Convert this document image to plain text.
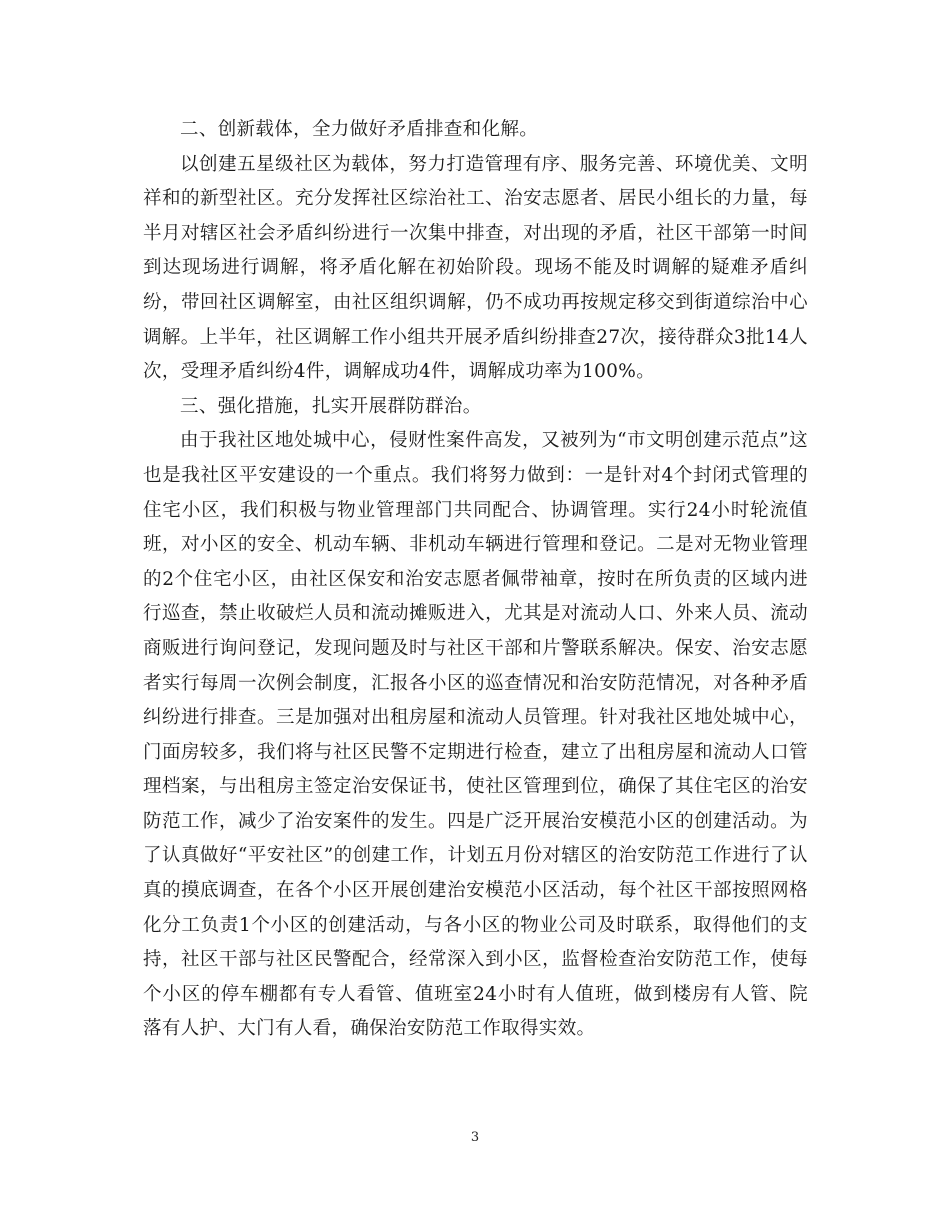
二、创新载体，全力做好矛盾排查和化解。

以创建五星级社区为载体，努力打造管理有序、服务完善、环境优美、文明祥和的新型社区。充分发挥社区综治社工、治安志愿者、居民小组长的力量，每半月对辖区社会矛盾纠纷进行一次集中排查，对出现的矛盾，社区干部第一时间到达现场进行调解，将矛盾化解在初始阶段。现场不能及时调解的疑难矛盾纠纷，带回社区调解室，由社区组织调解，仍不成功再按规定移交到街道综治中心调解。上半年，社区调解工作小组共开展矛盾纠纷排查27次，接待群众3批14人次，受理矛盾纠纷4件，调解成功4件，调解成功率为100%。

三、强化措施，扎实开展群防群治。

由于我社区地处城中心，侵财性案件高发，又被列为“市文明创建示范点”这也是我社区平安建设的一个重点。我们将努力做到：一是针对4个封闭式管理的住宅小区，我们积极与物业管理部门共同配合、协调管理。实行24小时轮流值班，对小区的安全、机动车辆、非机动车辆进行管理和登记。二是对无物业管理的2个住宅小区，由社区保安和治安志愿者佩带袖章，按时在所负责的区域内进行巡查，禁止收破烂人员和流动摊贩进入，尤其是对流动人口、外来人员、流动商贩进行询问登记，发现问题及时与社区干部和片警联系解决。保安、治安志愿者实行每周一次例会制度，汇报各小区的巡查情况和治安防范情况，对各种矛盾纠纷进行排查。三是加强对出租房屋和流动人员管理。针对我社区地处城中心，门面房较多，我们将与社区民警不定期进行检查，建立了出租房屋和流动人口管理档案，与出租房主签定治安保证书，使社区管理到位，确保了其住宅区的治安防范工作，减少了治安案件的发生。四是广泛开展治安模范小区的创建活动。为了认真做好“平安社区”的创建工作，计划五月份对辖区的治安防范工作进行了认真的摸底调查，在各个小区开展创建治安模范小区活动，每个社区干部按照网格化分工负责1个小区的创建活动，与各小区的物业公司及时联系，取得他们的支持，社区干部与社区民警配合，经常深入到小区，监督检查治安防范工作，使每个小区的停车棚都有专人看管、值班室24小时有人值班，做到楼房有人管、院落有人护、大门有人看，确保治安防范工作取得实效。

3
